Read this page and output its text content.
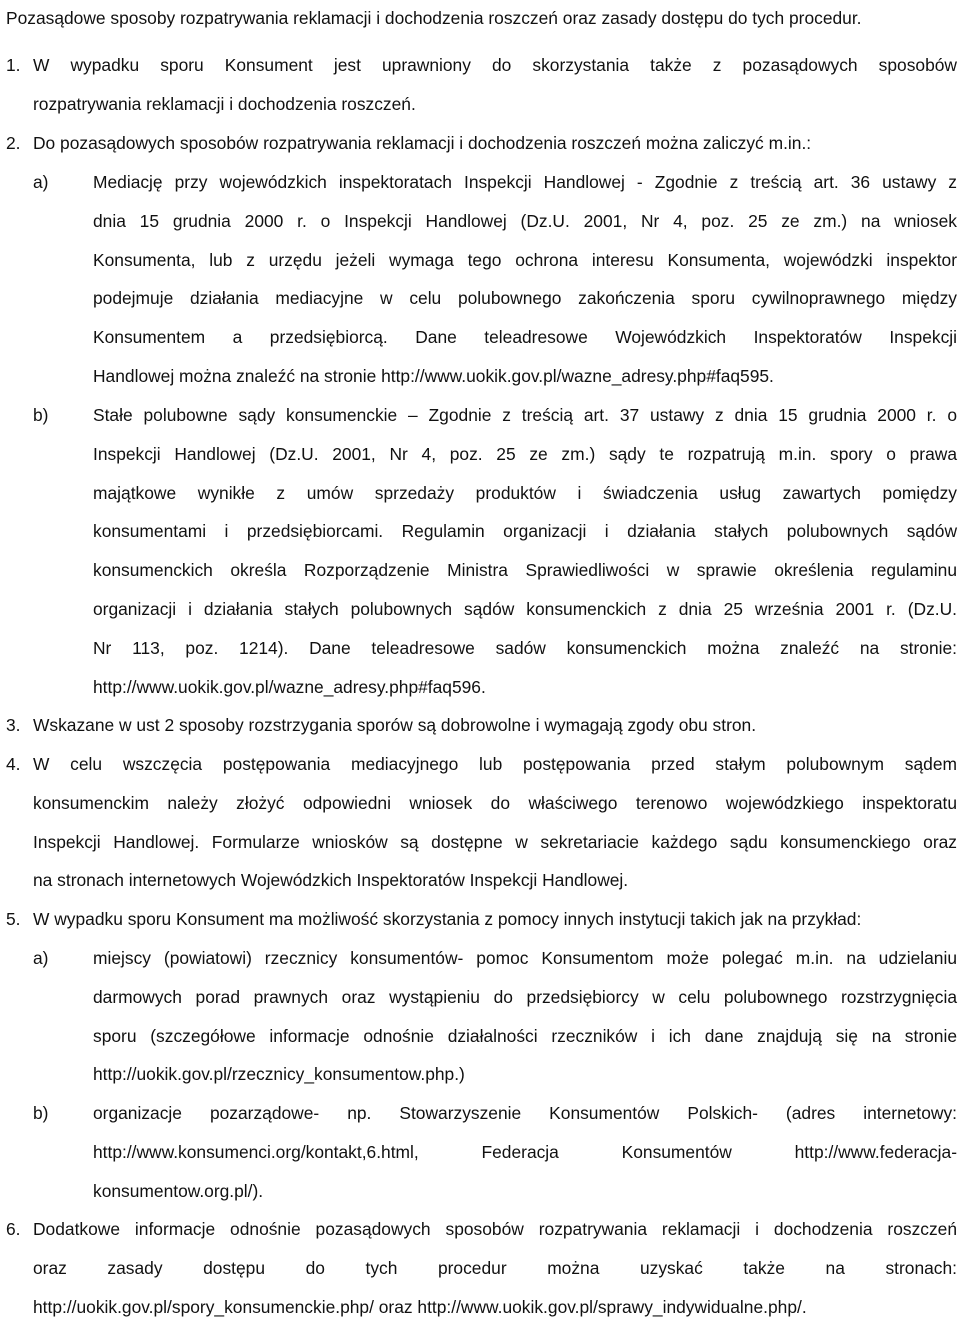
Pozasądowe sposoby rozpatrywania reklamacji i dochodzenia roszczeń oraz zasady dostępu do tych procedur.
1. W wypadku sporu Konsument jest uprawniony do skorzystania także z pozasądowych sposobów
rozpatrywania reklamacji i dochodzenia roszczeń.
2. Do pozasądowych sposobów rozpatrywania reklamacji i dochodzenia roszczeń można zaliczyć m.in.:
a)	Mediację przy wojewódzkich inspektoratach Inspekcji Handlowej - Zgodnie z treścią art. 36 ustawy z
dnia 15 grudnia 2000 r. o Inspekcji Handlowej (Dz.U. 2001, Nr 4, poz. 25 ze zm.) na wniosek
Konsumenta, lub z urzędu jeżeli wymaga tego ochrona interesu Konsumenta, wojewódzki inspektor
podejmuje działania mediacyjne w celu polubownego zakończenia sporu cywilnoprawnego między
Konsumentem a przedsiębiorcą. Dane teleadresowe Wojewódzkich Inspektoratów Inspekcji
Handlowej można znaleźć na stronie http://www.uokik.gov.pl/wazne_adresy.php#faq595.
b)	Stałe polubowne sądy konsumenckie – Zgodnie z treścią art. 37 ustawy z dnia 15 grudnia 2000 r. o
Inspekcji Handlowej (Dz.U. 2001, Nr 4, poz. 25 ze zm.) sądy te rozpatrują m.in. spory o prawa
majątkowe wynikłe z umów sprzedaży produktów i świadczenia usług zawartych pomiędzy
konsumentami i przedsiębiorcami. Regulamin organizacji i działania stałych polubownych sądów
konsumenckich określa Rozporządzenie Ministra Sprawiedliwości w sprawie określenia regulaminu
organizacji i działania stałych polubownych sądów konsumenckich z dnia 25 września 2001 r. (Dz.U.
Nr 113, poz. 1214). Dane teleadresowe sadów konsumenckich można znaleźć na stronie:
http://www.uokik.gov.pl/wazne_adresy.php#faq596.
3. Wskazane w ust 2 sposoby rozstrzygania sporów są dobrowolne i wymagają zgody obu stron.
4. W celu wszczęcia postępowania mediacyjnego lub postępowania przed stałym polubownym sądem
konsumenckim należy złożyć odpowiedni wniosek do właściwego terenowo wojewódzkiego inspektoratu
Inspekcji Handlowej. Formularze wniosków są dostępne w sekretariacie każdego sądu konsumenckiego oraz
na stronach internetowych Wojewódzkich Inspektoratów Inspekcji Handlowej.
5. W wypadku sporu Konsument ma możliwość skorzystania z pomocy innych instytucji takich jak na przykład:
a)	miejscy (powiatowi) rzecznicy konsumentów- pomoc Konsumentom może polegać m.in. na udzielaniu
darmowych porad prawnych oraz wystąpieniu do przedsiębiorcy w celu polubownego rozstrzygnięcia
sporu (szczegółowe informacje odnośnie działalności rzeczników i ich dane znajdują się na stronie
http://uokik.gov.pl/rzecznicy_konsumentow.php.)
b)	organizacje pozarządowe- np. Stowarzyszenie Konsumentów Polskich- (adres internetowy:
http://www.konsumenci.org/kontakt,6.html, Federacja Konsumentów http://www.federacja-
konsumentow.org.pl/).
6. Dodatkowe informacje odnośnie pozasądowych sposobów rozpatrywania reklamacji i dochodzenia roszczeń
oraz zasady dostępu do tych procedur można uzyskać także na stronach:
http://uokik.gov.pl/spory_konsumenckie.php/ oraz http://www.uokik.gov.pl/sprawy_indywidualne.php/.
